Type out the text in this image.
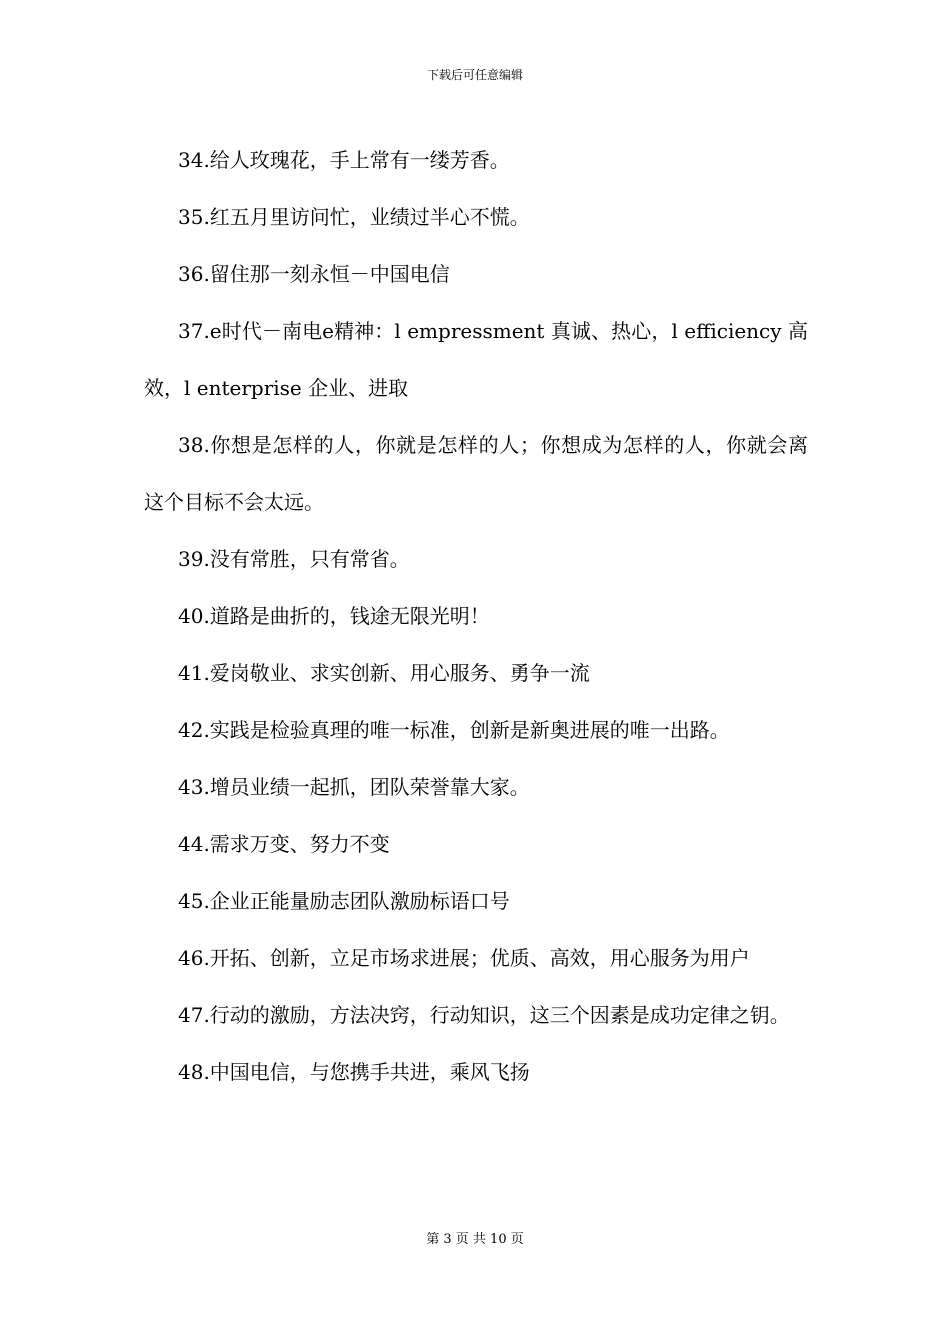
下载后可任意编辑

34.给人玫瑰花，手上常有一缕芳香。

35.红五月里访问忙，业绩过半心不慌。

36.留住那一刻永恒－中国电信

37.e时代－南电e精神：l empressment 真诚、热心，l efficiency 高效，l enterprise 企业、进取

38.你想是怎样的人，你就是怎样的人；你想成为怎样的人，你就会离这个目标不会太远。

39.没有常胜，只有常省。

40.道路是曲折的，钱途无限光明！

41.爱岗敬业、求实创新、用心服务、勇争一流

42.实践是检验真理的唯一标准，创新是新奥进展的唯一出路。

43.增员业绩一起抓，团队荣誉靠大家。

44.需求万变、努力不变

45.企业正能量励志团队激励标语口号

46.开拓、创新，立足市场求进展；优质、高效，用心服务为用户

47.行动的激励，方法决窍，行动知识，这三个因素是成功定律之钥。

48.中国电信，与您携手共进，乘风飞扬

第 3 页 共 10 页
